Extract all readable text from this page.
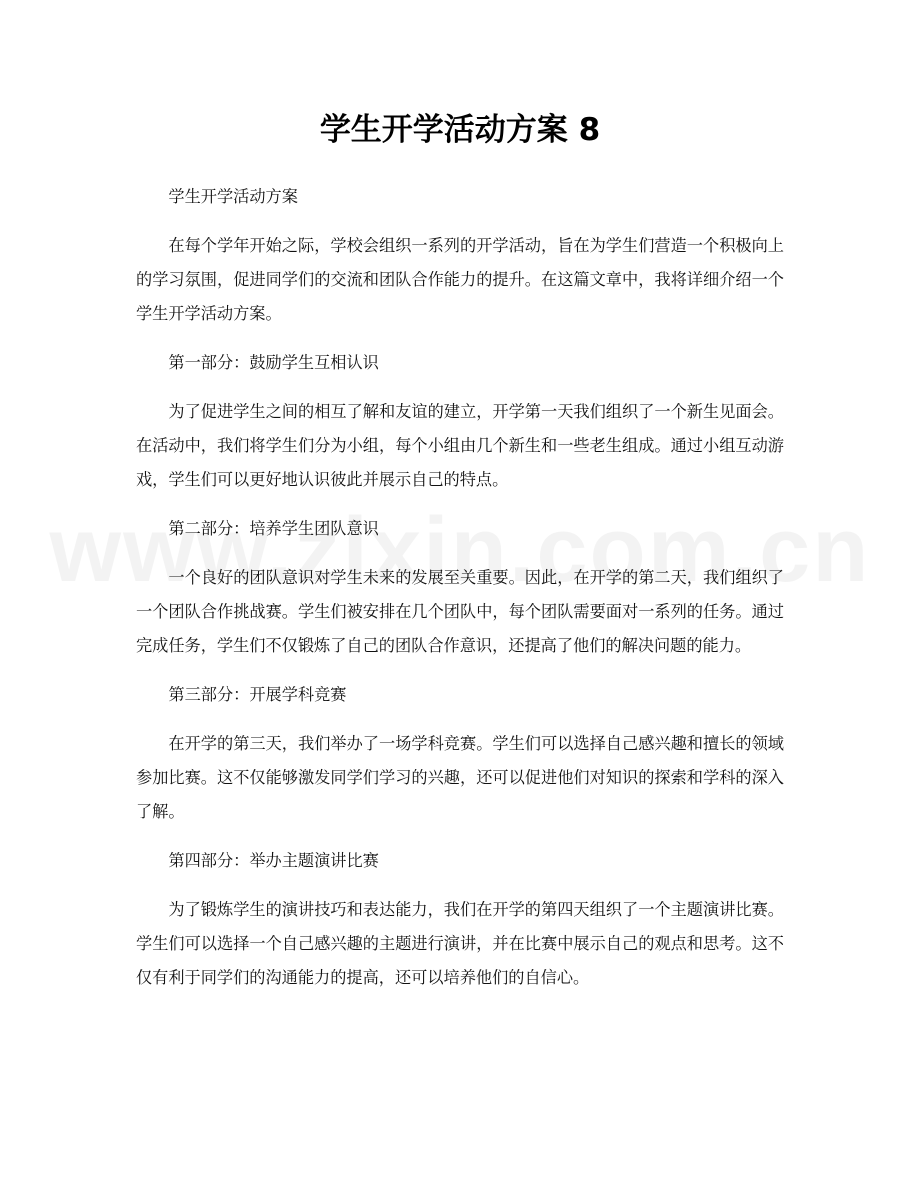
学生开学活动方案 8

学生开学活动方案

在每个学年开始之际，学校会组织一系列的开学活动，旨在为学生们营造一个积极向上的学习氛围，促进同学们的交流和团队合作能力的提升。在这篇文章中，我将详细介绍一个学生开学活动方案。

第一部分：鼓励学生互相认识

为了促进学生之间的相互了解和友谊的建立，开学第一天我们组织了一个新生见面会。在活动中，我们将学生们分为小组，每个小组由几个新生和一些老生组成。通过小组互动游戏，学生们可以更好地认识彼此并展示自己的特点。

第二部分：培养学生团队意识

一个良好的团队意识对学生未来的发展至关重要。因此，在开学的第二天，我们组织了一个团队合作挑战赛。学生们被安排在几个团队中，每个团队需要面对一系列的任务。通过完成任务，学生们不仅锻炼了自己的团队合作意识，还提高了他们的解决问题的能力。

第三部分：开展学科竞赛

在开学的第三天，我们举办了一场学科竞赛。学生们可以选择自己感兴趣和擅长的领域参加比赛。这不仅能够激发同学们学习的兴趣，还可以促进他们对知识的探索和学科的深入了解。

第四部分：举办主题演讲比赛

为了锻炼学生的演讲技巧和表达能力，我们在开学的第四天组织了一个主题演讲比赛。学生们可以选择一个自己感兴趣的主题进行演讲，并在比赛中展示自己的观点和思考。这不仅有利于同学们的沟通能力的提高，还可以培养他们的自信心。
